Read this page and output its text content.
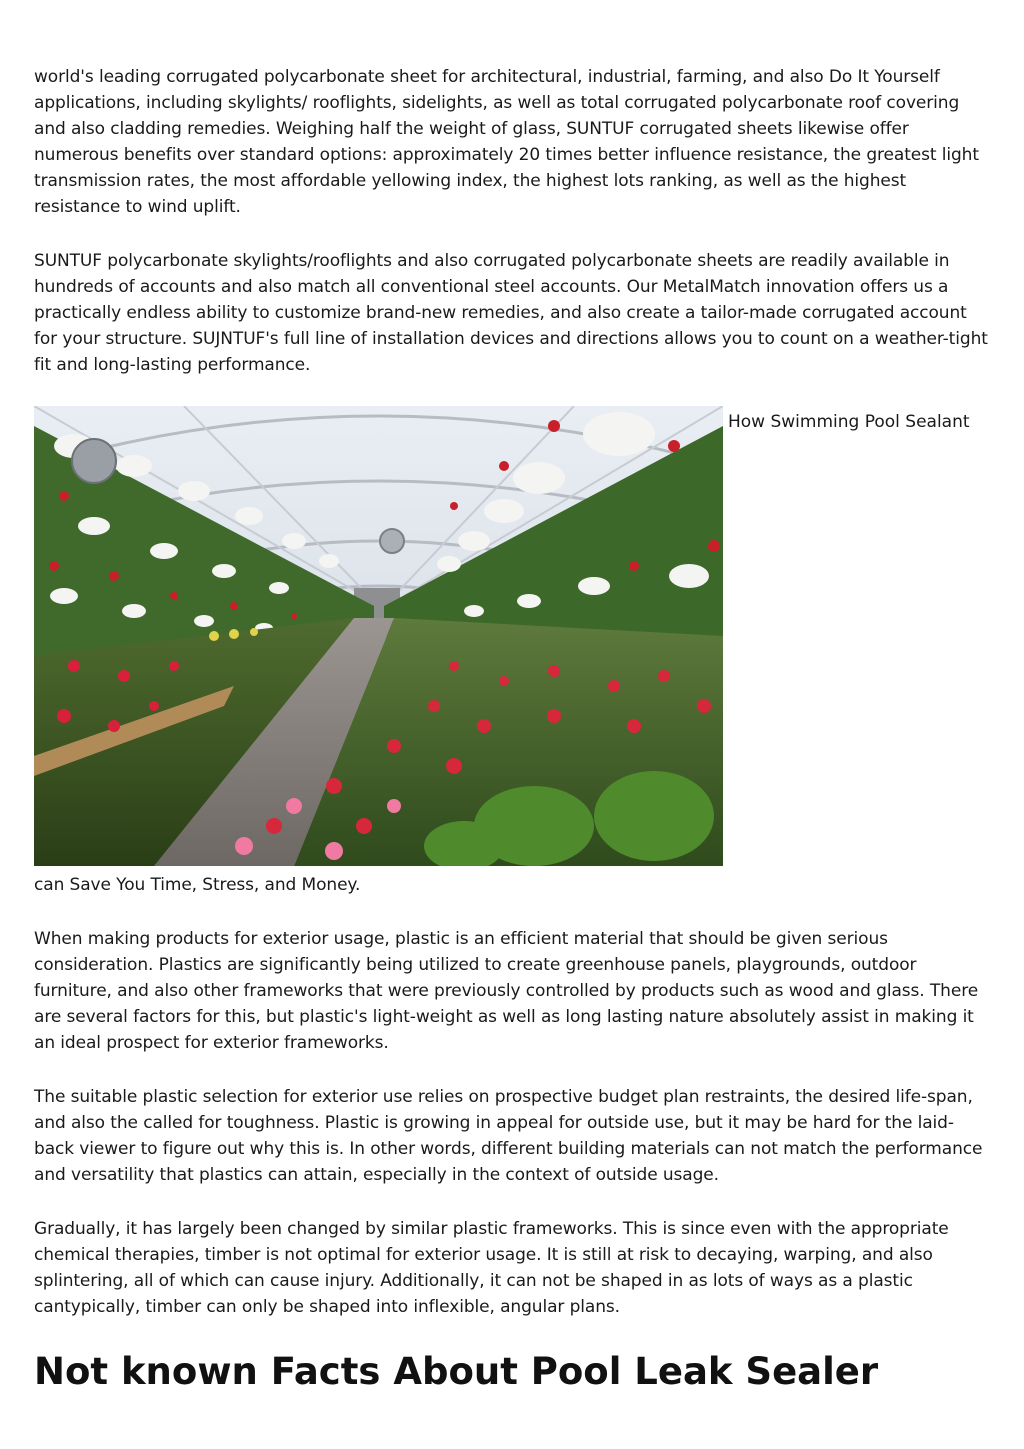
world's leading corrugated polycarbonate sheet for architectural, industrial, farming, and also Do It Yourself applications, including skylights/ rooflights, sidelights, as well as total corrugated polycarbonate roof covering and also cladding remedies. Weighing half the weight of glass, SUNTUF corrugated sheets likewise offer numerous benefits over standard options: approximately 20 times better influence resistance, the greatest light transmission rates, the most affordable yellowing index, the highest lots ranking, as well as the highest resistance to wind uplift.

SUNTUF polycarbonate skylights/rooflights and also corrugated polycarbonate sheets are readily available in hundreds of accounts and also match all conventional steel accounts. Our MetalMatch innovation offers us a practically endless ability to customize brand-new remedies, and also create a tailor-made corrugated account for your structure. SUJNTUF's full line of installation devices and directions allows you to count on a weather-tight fit and long-lasting performance.

How Swimming Pool Sealant

can Save You Time, Stress, and Money.

When making products for exterior usage, plastic is an efficient material that should be given serious consideration. Plastics are significantly being utilized to create greenhouse panels, playgrounds, outdoor furniture, and also other frameworks that were previously controlled by products such as wood and glass. There are several factors for this, but plastic's light-weight as well as long lasting nature absolutely assist in making it an ideal prospect for exterior frameworks.

The suitable plastic selection for exterior use relies on prospective budget plan restraints, the desired life-span, and also the called for toughness. Plastic is growing in appeal for outside use, but it may be hard for the laid-back viewer to figure out why this is. In other words, different building materials can not match the performance and versatility that plastics can attain, especially in the context of outside usage.

Gradually, it has largely been changed by similar plastic frameworks. This is since even with the appropriate chemical therapies, timber is not optimal for exterior usage. It is still at risk to decaying, warping, and also splintering, all of which can cause injury. Additionally, it can not be shaped in as lots of ways as a plastic cantypically, timber can only be shaped into inflexible, angular plans.

Not known Facts About Pool Leak Sealer
